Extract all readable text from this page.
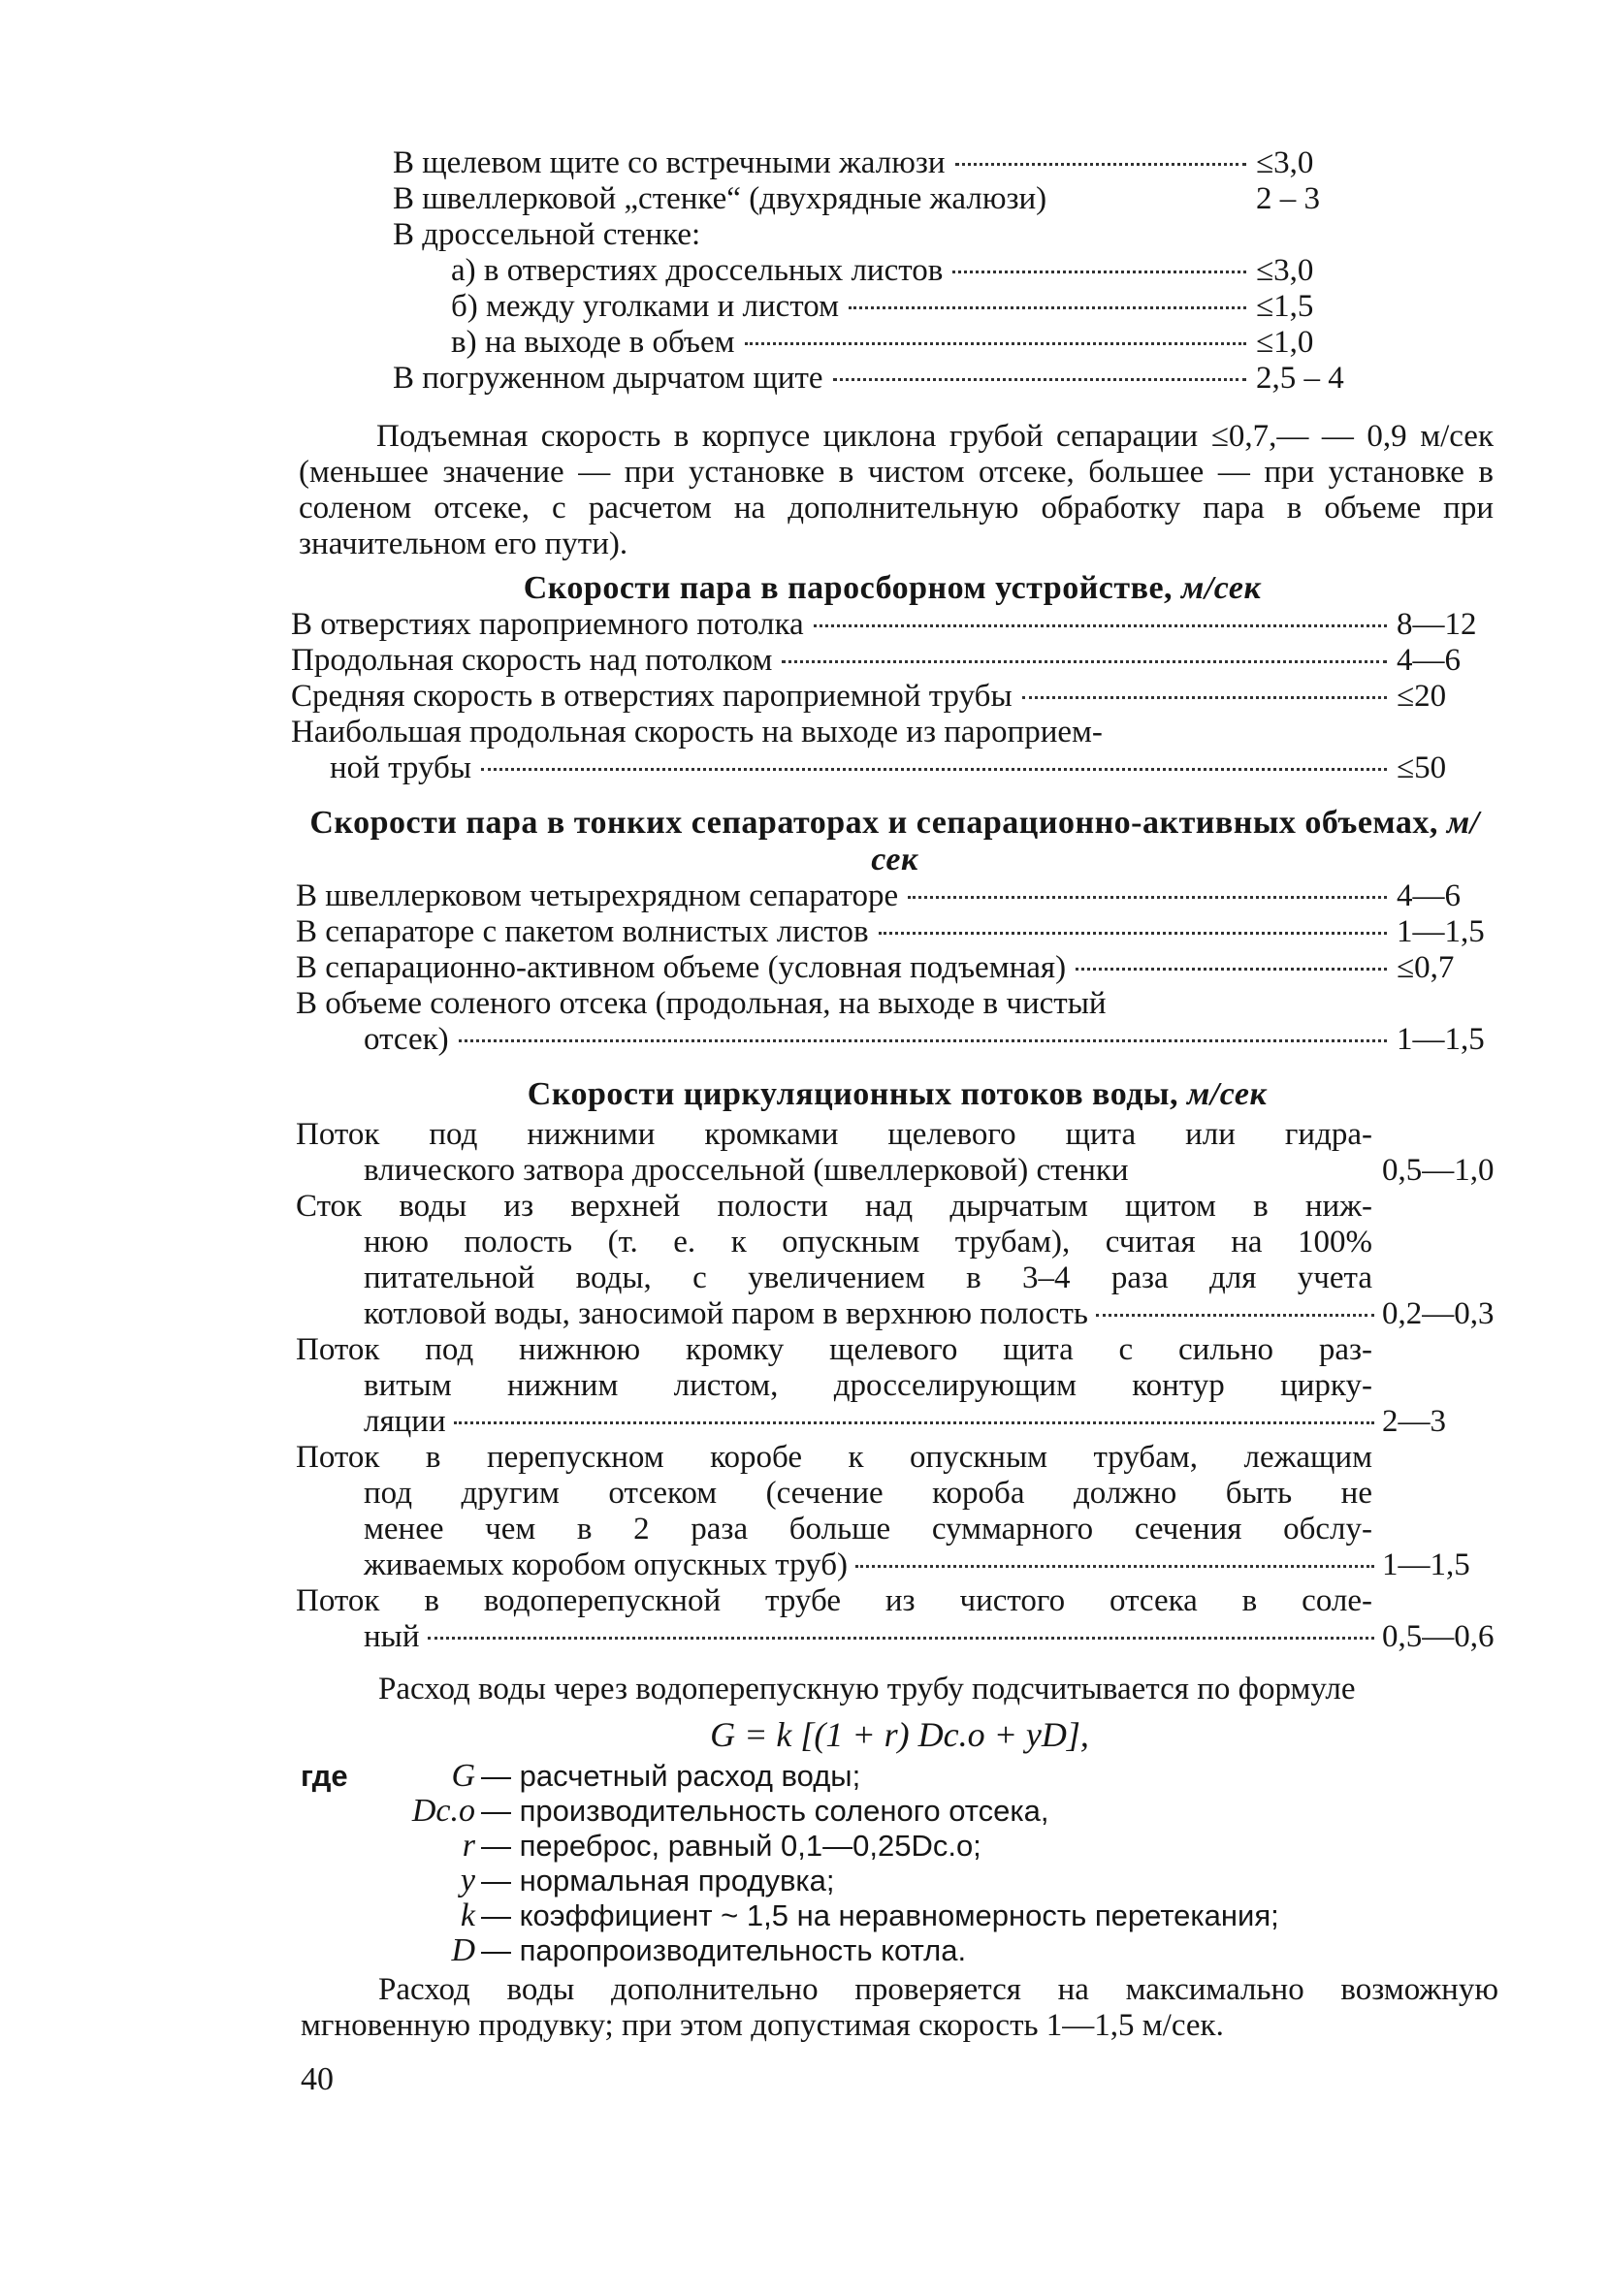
В щелевом щите со встречными жалюзи	≤3,0
В швеллерковой „стенке“ (двухрядные жалюзи)	2 – 3
В дроссельной стенке:
а) в отверстиях дроссельных листов	≤3,0
б) между уголками и листом	≤1,5
в) на выходе в объем	≤1,0
В погруженном дырчатом щите	2,5 – 4

Подъемная скорость в корпусе циклона грубой сепарации ≤0,7,— — 0,9 м/сек (меньшее значение — при установке в чистом отсеке, большее — при установке в соленом отсеке, с расчетом на дополнительную обработку пара в объеме при значительном его пути).

Скорости пара в паросборном устройстве, м/сек
В отверстиях пароприемного потолка	8—12
Продольная скорость над потолком	4—6
Средняя скорость в отверстиях пароприемной трубы	≤20
Наибольшая продольная скорость на выходе из пароприем-
ной трубы	≤50
Скорости пара в тонких сепараторах и сепарационно-активных объемах, м/сек
В швеллерковом четырехрядном сепараторе	4—6
В сепараторе с пакетом волнистых листов	1—1,5
В сепарационно-активном объеме (условная подъемная)	≤0,7
В объеме соленого отсека (продольная, на выходе в чистый
отсек)	1—1,5
Скорости циркуляционных потоков воды, м/сек
Поток под нижними кромками щелевого щита или гидра-
влического затвора дроссельной (швеллерковой) стенки	0,5—1,0
Сток воды из верхней полости над дырчатым щитом в ниж-
нюю полость (т. е. к опускным трубам), считая на 100%
питательной воды, с увеличением в 3–4 раза для учета
котловой воды, заносимой паром в верхнюю полость	0,2—0,3
Поток под нижнюю кромку щелевого щита с сильно раз-
витым нижним листом, дросселирующим контур цирку-
ляции	2—3
Поток в перепускном коробе к опускным трубам, лежащим
под другим отсеком (сечение короба должно быть не
менее чем в 2 раза больше суммарного сечения обслу-
живаемых коробом опускных труб)	1—1,5
Поток в водоперепускной трубе из чистого отсека в соле-
ный	0,5—0,6

Расход воды через водоперепускную трубу подсчитывается по формуле

G = k [(1 + r) Dс.о + yD],
где	G — расчетный расход воды;
Dс.о — производительность соленого отсека,
r — переброс, равный 0,1—0,25Dс.о;
y — нормальная продувка;
k — коэффициент ~ 1,5 на неравномерность перетекания;
D — паропроизводительность котла.

Расход воды дополнительно проверяется на максимально возможную мгновенную продувку; при этом допустимая скорость 1—1,5 м/сек.

40
